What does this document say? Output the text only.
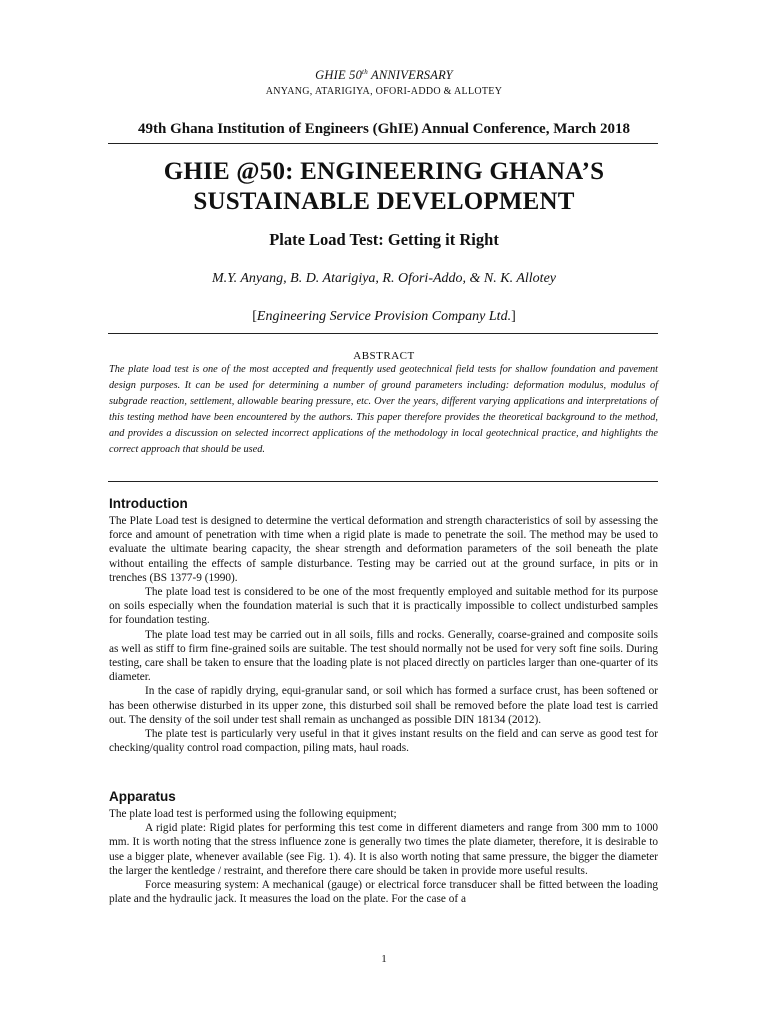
GHIE 50th ANNIVERSARY
ANYANG, ATARIGIYA, OFORI-ADDO & ALLOTEY
49th Ghana Institution of Engineers (GhIE) Annual Conference, March 2018
GHIE @50: ENGINEERING GHANA’S
SUSTAINABLE DEVELOPMENT
Plate Load Test: Getting it Right
M.Y. Anyang, B. D. Atarigiya, R. Ofori-Addo, & N. K. Allotey
[Engineering Service Provision Company Ltd.]
ABSTRACT
The plate load test is one of the most accepted and frequently used geotechnical field tests for shallow foundation and pavement design purposes. It can be used for determining a number of ground parameters including: deformation modulus, modulus of subgrade reaction, settlement, allowable bearing pressure, etc. Over the years, different varying applications and interpretations of this testing method have been encountered by the authors. This paper therefore provides the theoretical background to the method, and provides a discussion on selected incorrect applications of the methodology in local geotechnical practice, and highlights the correct approach that should be used.
Introduction

The Plate Load test is designed to determine the vertical deformation and strength characteristics of soil by assessing the force and amount of penetration with time when a rigid plate is made to penetrate the soil. The method may be used to evaluate the ultimate bearing capacity, the shear strength and deformation parameters of the soil beneath the plate without entailing the effects of sample disturbance. Testing may be carried out at the ground surface, in pits or in trenches (BS 1377-9 (1990).

The plate load test is considered to be one of the most frequently employed and suitable method for its purpose on soils especially when the foundation material is such that it is practically impossible to collect undisturbed samples for foundation testing.

The plate load test may be carried out in all soils, fills and rocks. Generally, coarse-grained and composite soils as well as stiff to firm fine-grained soils are suitable. The test should normally not be used for very soft fine soils. During testing, care shall be taken to ensure that the loading plate is not placed directly on particles larger than one-quarter of its diameter.

In the case of rapidly drying, equi-granular sand, or soil which has formed a surface crust, has been softened or has been otherwise disturbed in its upper zone, this disturbed soil shall be removed before the plate load test is carried out. The density of the soil under test shall remain as unchanged as possible DIN 18134 (2012).

The plate test is particularly very useful in that it gives instant results on the field and can serve as good test for checking/quality control road compaction, piling mats, haul roads.

Apparatus

The plate load test is performed using the following equipment;

A rigid plate: Rigid plates for performing this test come in different diameters and range from 300 mm to 1000 mm. It is worth noting that the stress influence zone is generally two times the plate diameter, therefore, it is desirable to use a bigger plate, whenever available (see Fig. 1). 4). It is also worth noting that same pressure, the bigger the diameter the larger the kentledge / restraint, and therefore there care should be taken in provide more useful results.

Force measuring system: A mechanical (gauge) or electrical force transducer shall be fitted between the loading plate and the hydraulic jack. It measures the load on the plate. For the case of a

1
